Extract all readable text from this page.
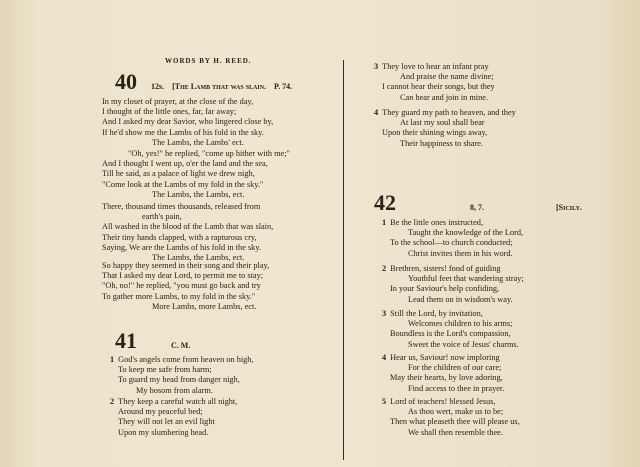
WORDS BY H. REED.
40 12s. [The Lamb that was slain. P. 74.
In my closet of prayer, at the close of the day,
I thought of the little ones, far, far away;
And I asked my dear Savior, who lingered close by,
If he'd show me the Lambs of his fold in the sky.
The Lambs, the Lambs' ect.
"Oh, yes!" he replied, "come up hither with me;"
And I thought I went up, o'er the land and the sea,
Till he said, as a palace of light we drew nigh,
"Come look at the Lambs of my fold in the sky."
The Lambs, the Lambs, ect.
There, thousand times thousands, released from
earth's pain,
All washed in the blood of the Lamb that was slain,
Their tiny hands clapped, with a rapturous cry,
Saying, We are the Lambs of his fold in the sky.
The Lambs, the Lambs, ect.
So happy they seemed in their song and their play,
That I asked my dear Lord, to permit me to stay;
"Oh, no!" he replied, "you must go back and try
To gather more Lambs, to my fold in the sky."
More Lambs, more Lambs, ect.
41	C. M.
1 God's angels come from heaven on high,
To keep me safe from harm;
To guard my head from danger nigh,
My bosom from alarm.
2 They keep a careful watch all night,
Around my peaceful bed;
They will not let an evil light
Upon my slumbering head.
3 They love to hear an infant pray
And praise the name divine;
I cannot hear their songs, but they
Can hear and join in mine.
4 They guard my path to heaven, and they
At last my soul shall bear
Upon their shining wings away,
Their happiness to share.
42	8, 7.	[Sicily.
1 Be the little ones instructed,
Taught the knowledge of the Lord,
To the school—to church conducted;
Christ invites them in his word.
2 Brethren, sisters! fond of guiding
Youthful feet that wandering stray;
In your Saviour's help confiding,
Lead them on in wisdom's way.
3 Still the Lord, by invitation,
Welcomes children to his arms;
Boundless is the Lord's compassion,
Sweet the voice of Jesus' charms.
4 Hear us, Saviour! now imploring
For the children of our care;
May their hearts, by love adoring,
Find access to thee in prayer.
5 Lord of teachers! blessed Jesus,
As thou wert, make us to be;
Then what pleaseth thee will please us,
We shall then resemble thee.
